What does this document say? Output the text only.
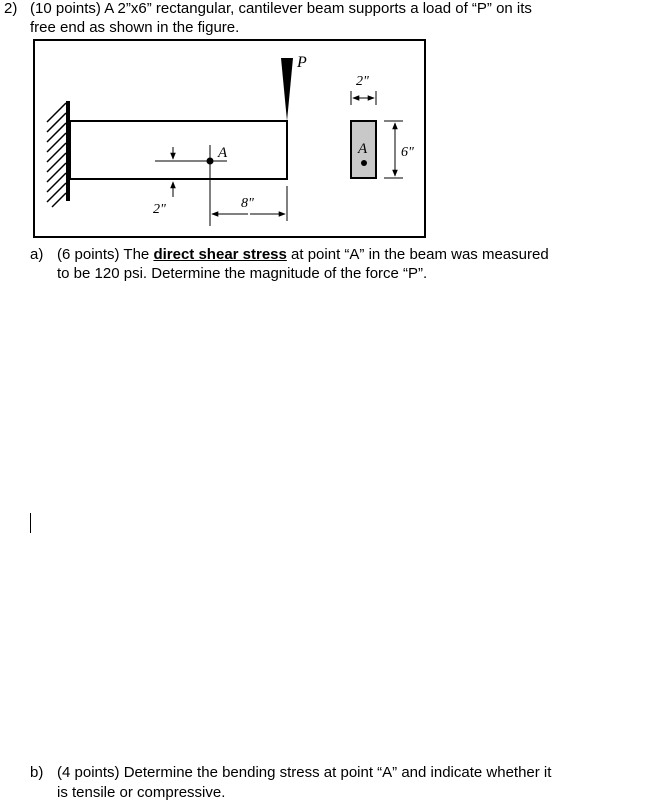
2) (10 points) A 2”x6” rectangular, cantilever beam supports a load of “P” on its
free end as shown in the figure.
P
A
2"	8"
A
2"
6"
a) (6 points) The direct shear stress at point “A” in the beam was measured
to be 120 psi. Determine the magnitude of the force “P”.
b) (4 points) Determine the bending stress at point “A” and indicate whether it
is tensile or compressive.
